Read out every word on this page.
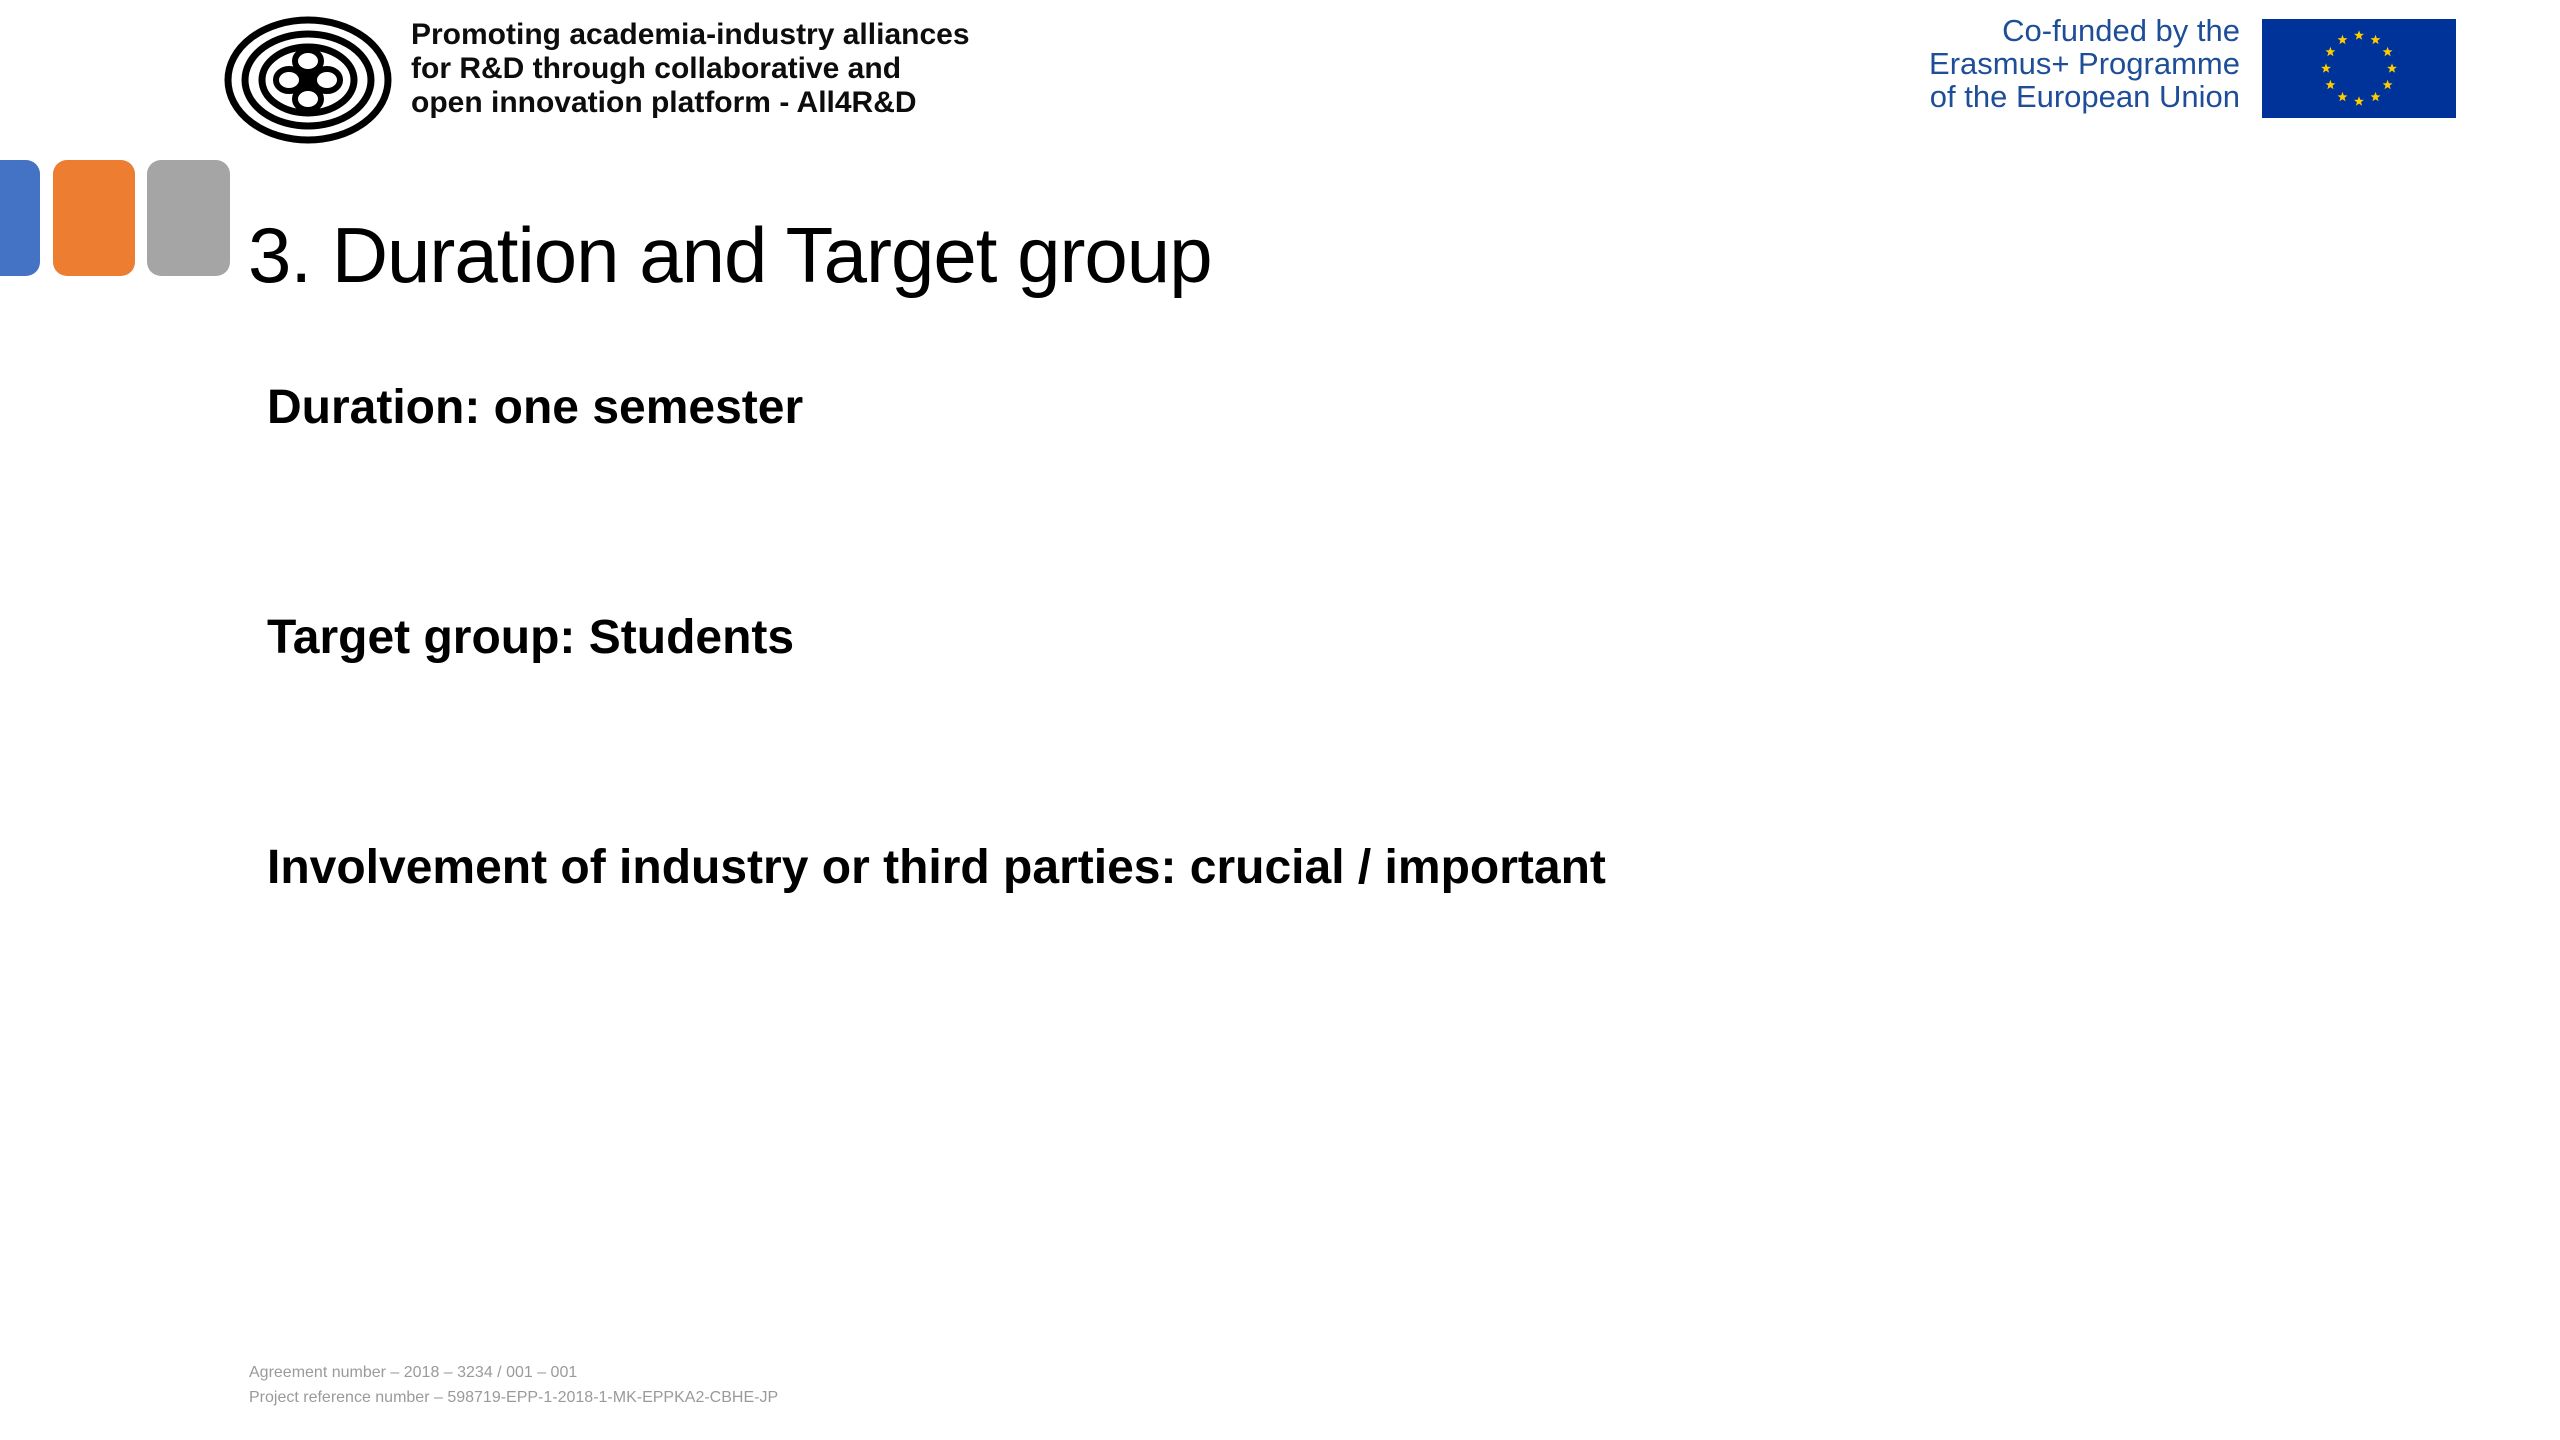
Promoting academia-industry alliances
for R&D through collaborative and
open innovation platform - All4R&D
Co-funded by the
Erasmus+ Programme
of the European Union
3. Duration and Target group

Duration: one semester

Target group: Students

Involvement of industry or third parties: crucial / important

Agreement number – 2018 – 3234 / 001 – 001
Project reference number – 598719-EPP-1-2018-1-MK-EPPKA2-CBHE-JP
